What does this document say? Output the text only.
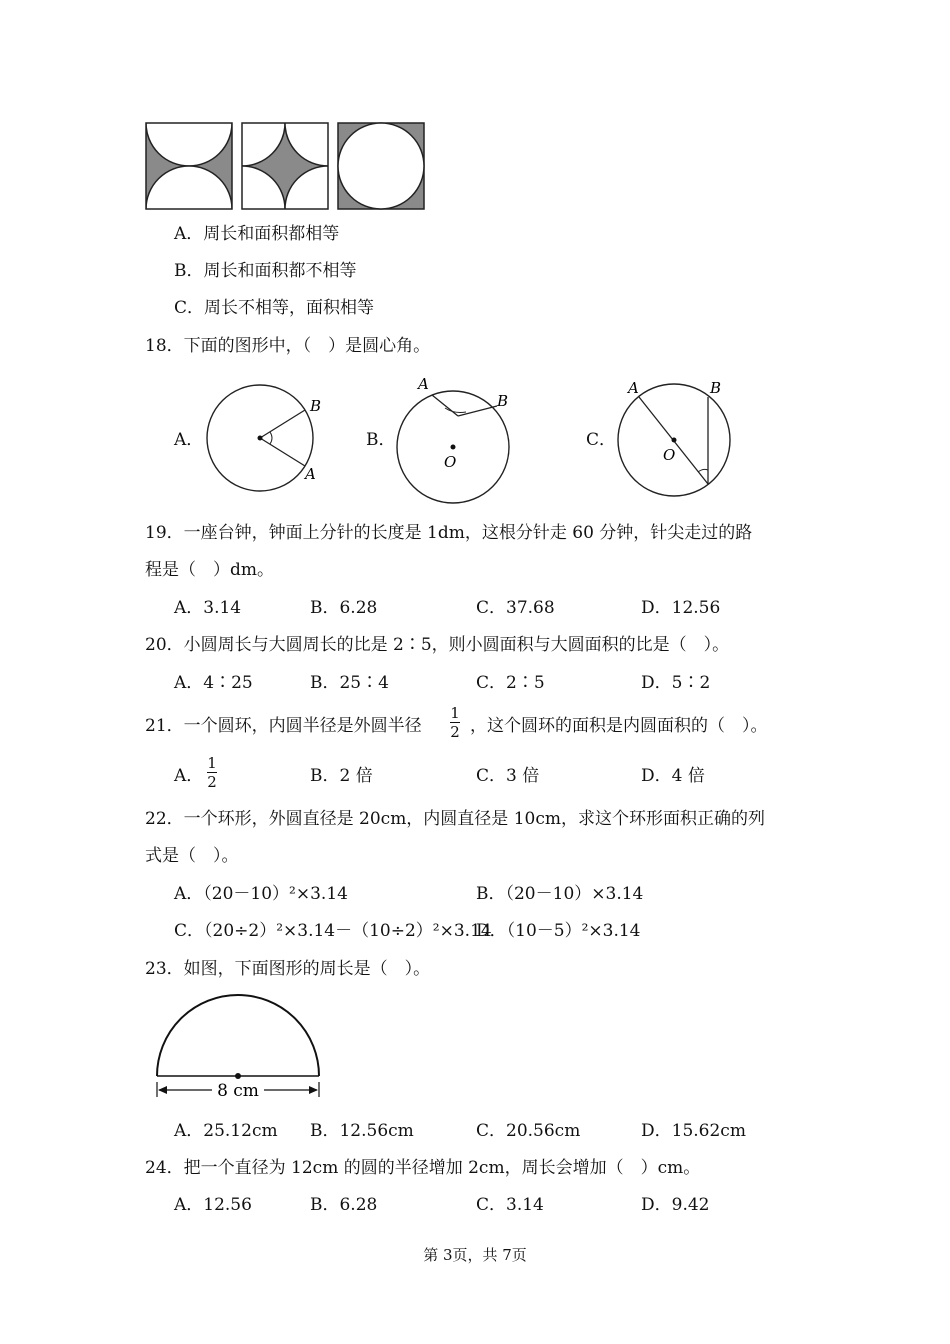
A．周长和面积都相等
B．周长和面积都不相等
C．周长不相等，面积相等
18．下面的图形中，（　）是圆心角。
A．
B
A
B．
A
B
O
C．
A	B
O
19．一座台钟，钟面上分针的长度是 1dm，这根分针走 60 分钟，针尖走过的路
程是（　）dm。
A．3.14	B．6.28	C．37.68	D．12.56
20．小圆周长与大圆周长的比是 2∶5，则小圆面积与大圆面积的比是（　）。
A．4∶25	B．25∶4	C．2∶5	D．5∶2
21．一个圆环，内圆半径是外圆半径
1
2 ，这个圆环的面积是内圆面积的（　）。
A．
1
2	B．2 倍	C．3 倍	D．4 倍
22．一个环形，外圆直径是 20cm，内圆直径是 10cm，求这个环形面积正确的列
式是（　）。
A．（20－10）²×3.14	B．（20－10）×3.14
C．（20÷2）²×3.14－（10÷2）²×3.14
D．（10－5）²×3.14
23．如图，下面图形的周长是（　）。
8 cm
A．25.12cm B．12.56cm	C．20.56cm	D．15.62cm
24．把一个直径为 12cm 的圆的半径增加 2cm，周长会增加（　）cm。
A．12.56	B．6.28	C．3.14	D．9.42
第 3页，共 7页
